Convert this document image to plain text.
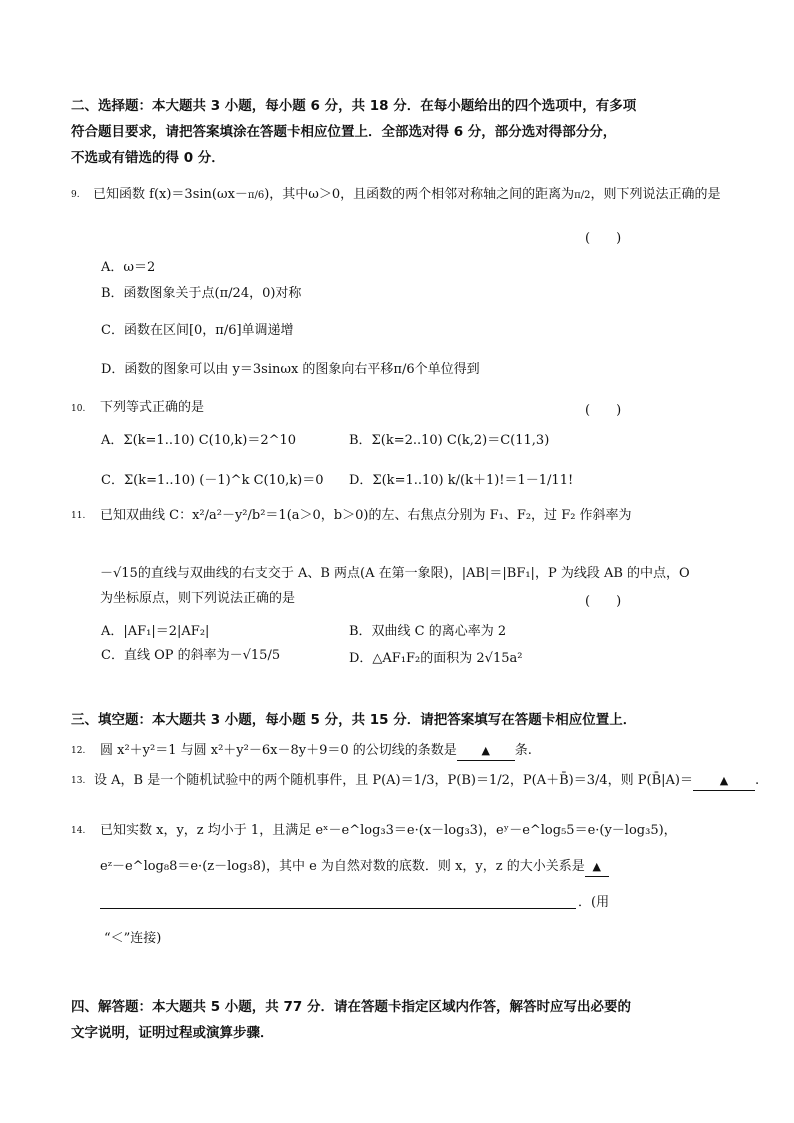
二、选择题：本大题共 3 小题，每小题 6 分，共 18 分．在每小题给出的四个选项中，有多项
符合题目要求，请把答案填涂在答题卡相应位置上．全部选对得 6 分，部分选对得部分分，
不选或有错选的得 0 分．
9. 已知函数 f(x)＝3sin(ωx－π/6)，其中ω＞0，且函数的两个相邻对称轴之间的距离为π/2，则下列说法正确的是
(　　)
A．ω＝2
B．函数图象关于点(π/24，0)对称
C．函数在区间[0，π/6]单调递增
D．函数的图象可以由 y＝3sinωx 的图象向右平移π/6个单位得到
10. 下列等式正确的是	(　　)
A．Σ(k=1..10) C(10,k)＝2^10	B．Σ(k=2..10) C(k,2)＝C(11,3)
C．Σ(k=1..10) (－1)^k C(10,k)＝0 D．Σ(k=1..10) k/(k＋1)!＝1－1/11!
11. 已知双曲线 C：x²/a²－y²/b²＝1(a＞0，b＞0)的左、右焦点分别为 F₁、F₂，过 F₂ 作斜率为
－√15的直线与双曲线的右支交于 A、B 两点(A 在第一象限)，|AB|＝|BF₁|，P 为线段 AB 的中点，O
为坐标原点，则下列说法正确的是	(　　)
A．|AF₁|＝2|AF₂|	B．双曲线 C 的离心率为 2
C．直线 OP 的斜率为－√15/5	D．△AF₁F₂的面积为 2√15a²
三、填空题：本大题共 3 小题，每小题 5 分，共 15 分．请把答案填写在答题卡相应位置上．
12. 圆 x²＋y²＝1 与圆 x²＋y²－6x－8y＋9＝0 的公切线的条数是 ▲ 条.
13. 设 A，B 是一个随机试验中的两个随机事件，且 P(A)＝1/3，P(B)＝1/2，P(A＋B̄)＝3/4，则 P(B̄|A)＝ ▲ .
14. 已知实数 x，y，z 均小于 1，且满足 eˣ－e^log₃3＝e·(x－log₃3)，eʸ－e^log₅5＝e·(y－log₃5)，
eᶻ－e^log₈8＝e·(z－log₃8)，其中 e 为自然对数的底数．则 x，y，z 的大小关系是 ▲
．(用
“＜”连接)
四、解答题：本大题共 5 小题，共 77 分．请在答题卡指定区域内作答，解答时应写出必要的
文字说明，证明过程或演算步骤．
